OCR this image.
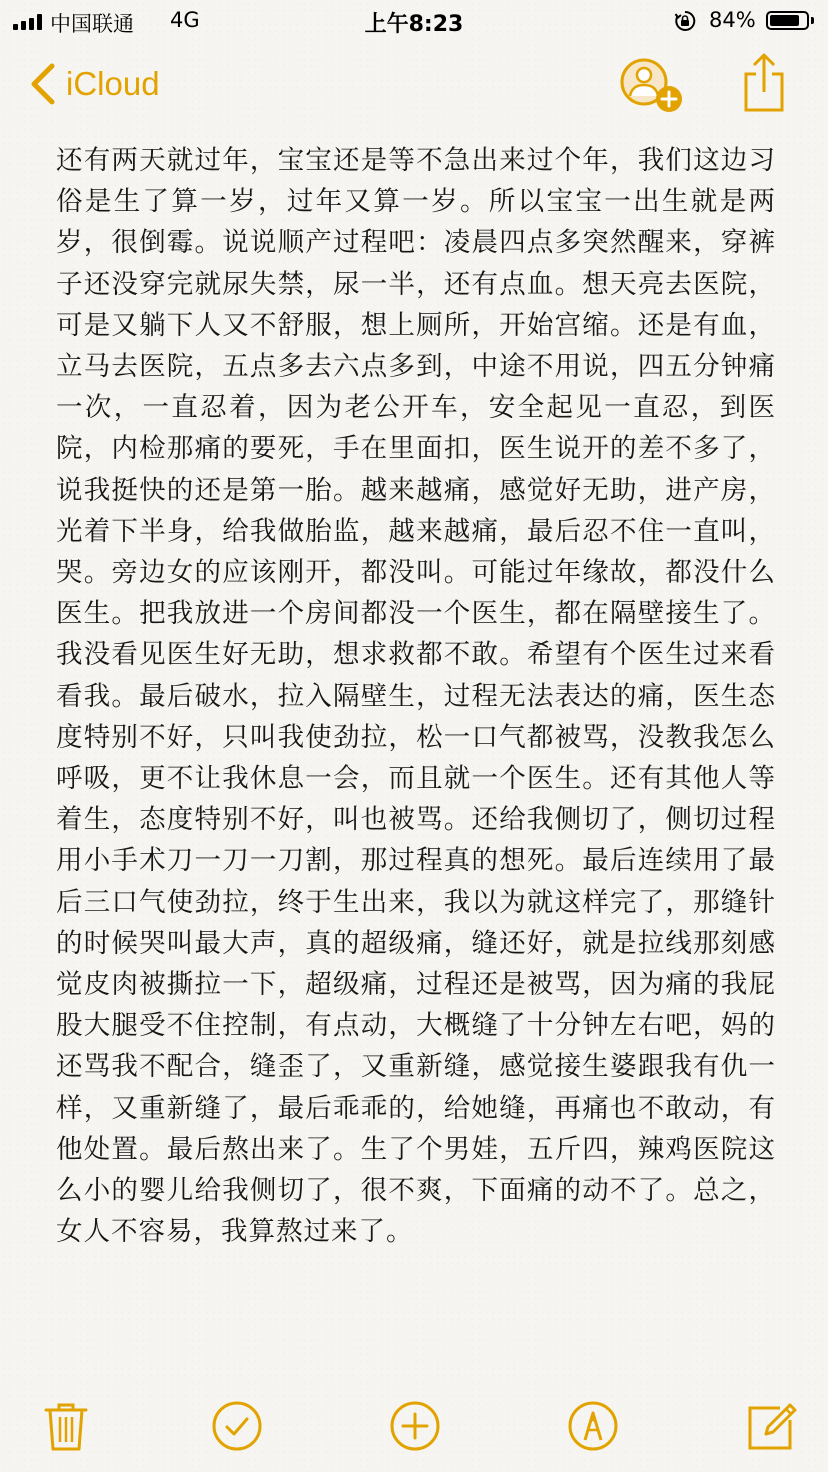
中国联通 4G	上午8:23	84%
iCloud
还有两天就过年，宝宝还是等不急出来过个年，我们这边习俗是生了算一岁，过年又算一岁。所以宝宝一出生就是两岁，很倒霉。说说顺产过程吧：凌晨四点多突然醒来，穿裤子还没穿完就尿失禁，尿一半，还有点血。想天亮去医院，可是又躺下人又不舒服，想上厕所，开始宫缩。还是有血，立马去医院，五点多去六点多到，中途不用说，四五分钟痛一次，一直忍着，因为老公开车，安全起见一直忍，到医院，内检那痛的要死，手在里面扣，医生说开的差不多了，说我挺快的还是第一胎。越来越痛，感觉好无助，进产房，光着下半身，给我做胎监，越来越痛，最后忍不住一直叫，哭。旁边女的应该刚开，都没叫。可能过年缘故，都没什么医生。把我放进一个房间都没一个医生，都在隔壁接生了。我没看见医生好无助，想求救都不敢。希望有个医生过来看看我。最后破水，拉入隔壁生，过程无法表达的痛，医生态度特别不好，只叫我使劲拉，松一口气都被骂，没教我怎么呼吸，更不让我休息一会，而且就一个医生。还有其他人等着生，态度特别不好，叫也被骂。还给我侧切了，侧切过程用小手术刀一刀一刀割，那过程真的想死。最后连续用了最后三口气使劲拉，终于生出来，我以为就这样完了，那缝针的时候哭叫最大声，真的超级痛，缝还好，就是拉线那刻感觉皮肉被撕拉一下，超级痛，过程还是被骂，因为痛的我屁股大腿受不住控制，有点动，大概缝了十分钟左右吧，妈的还骂我不配合，缝歪了，又重新缝，感觉接生婆跟我有仇一样，又重新缝了，最后乖乖的，给她缝，再痛也不敢动，有他处置。最后熬出来了。生了个男娃，五斤四，辣鸡医院这么小的婴儿给我侧切了，很不爽，下面痛的动不了。总之，女人不容易，我算熬过来了。
